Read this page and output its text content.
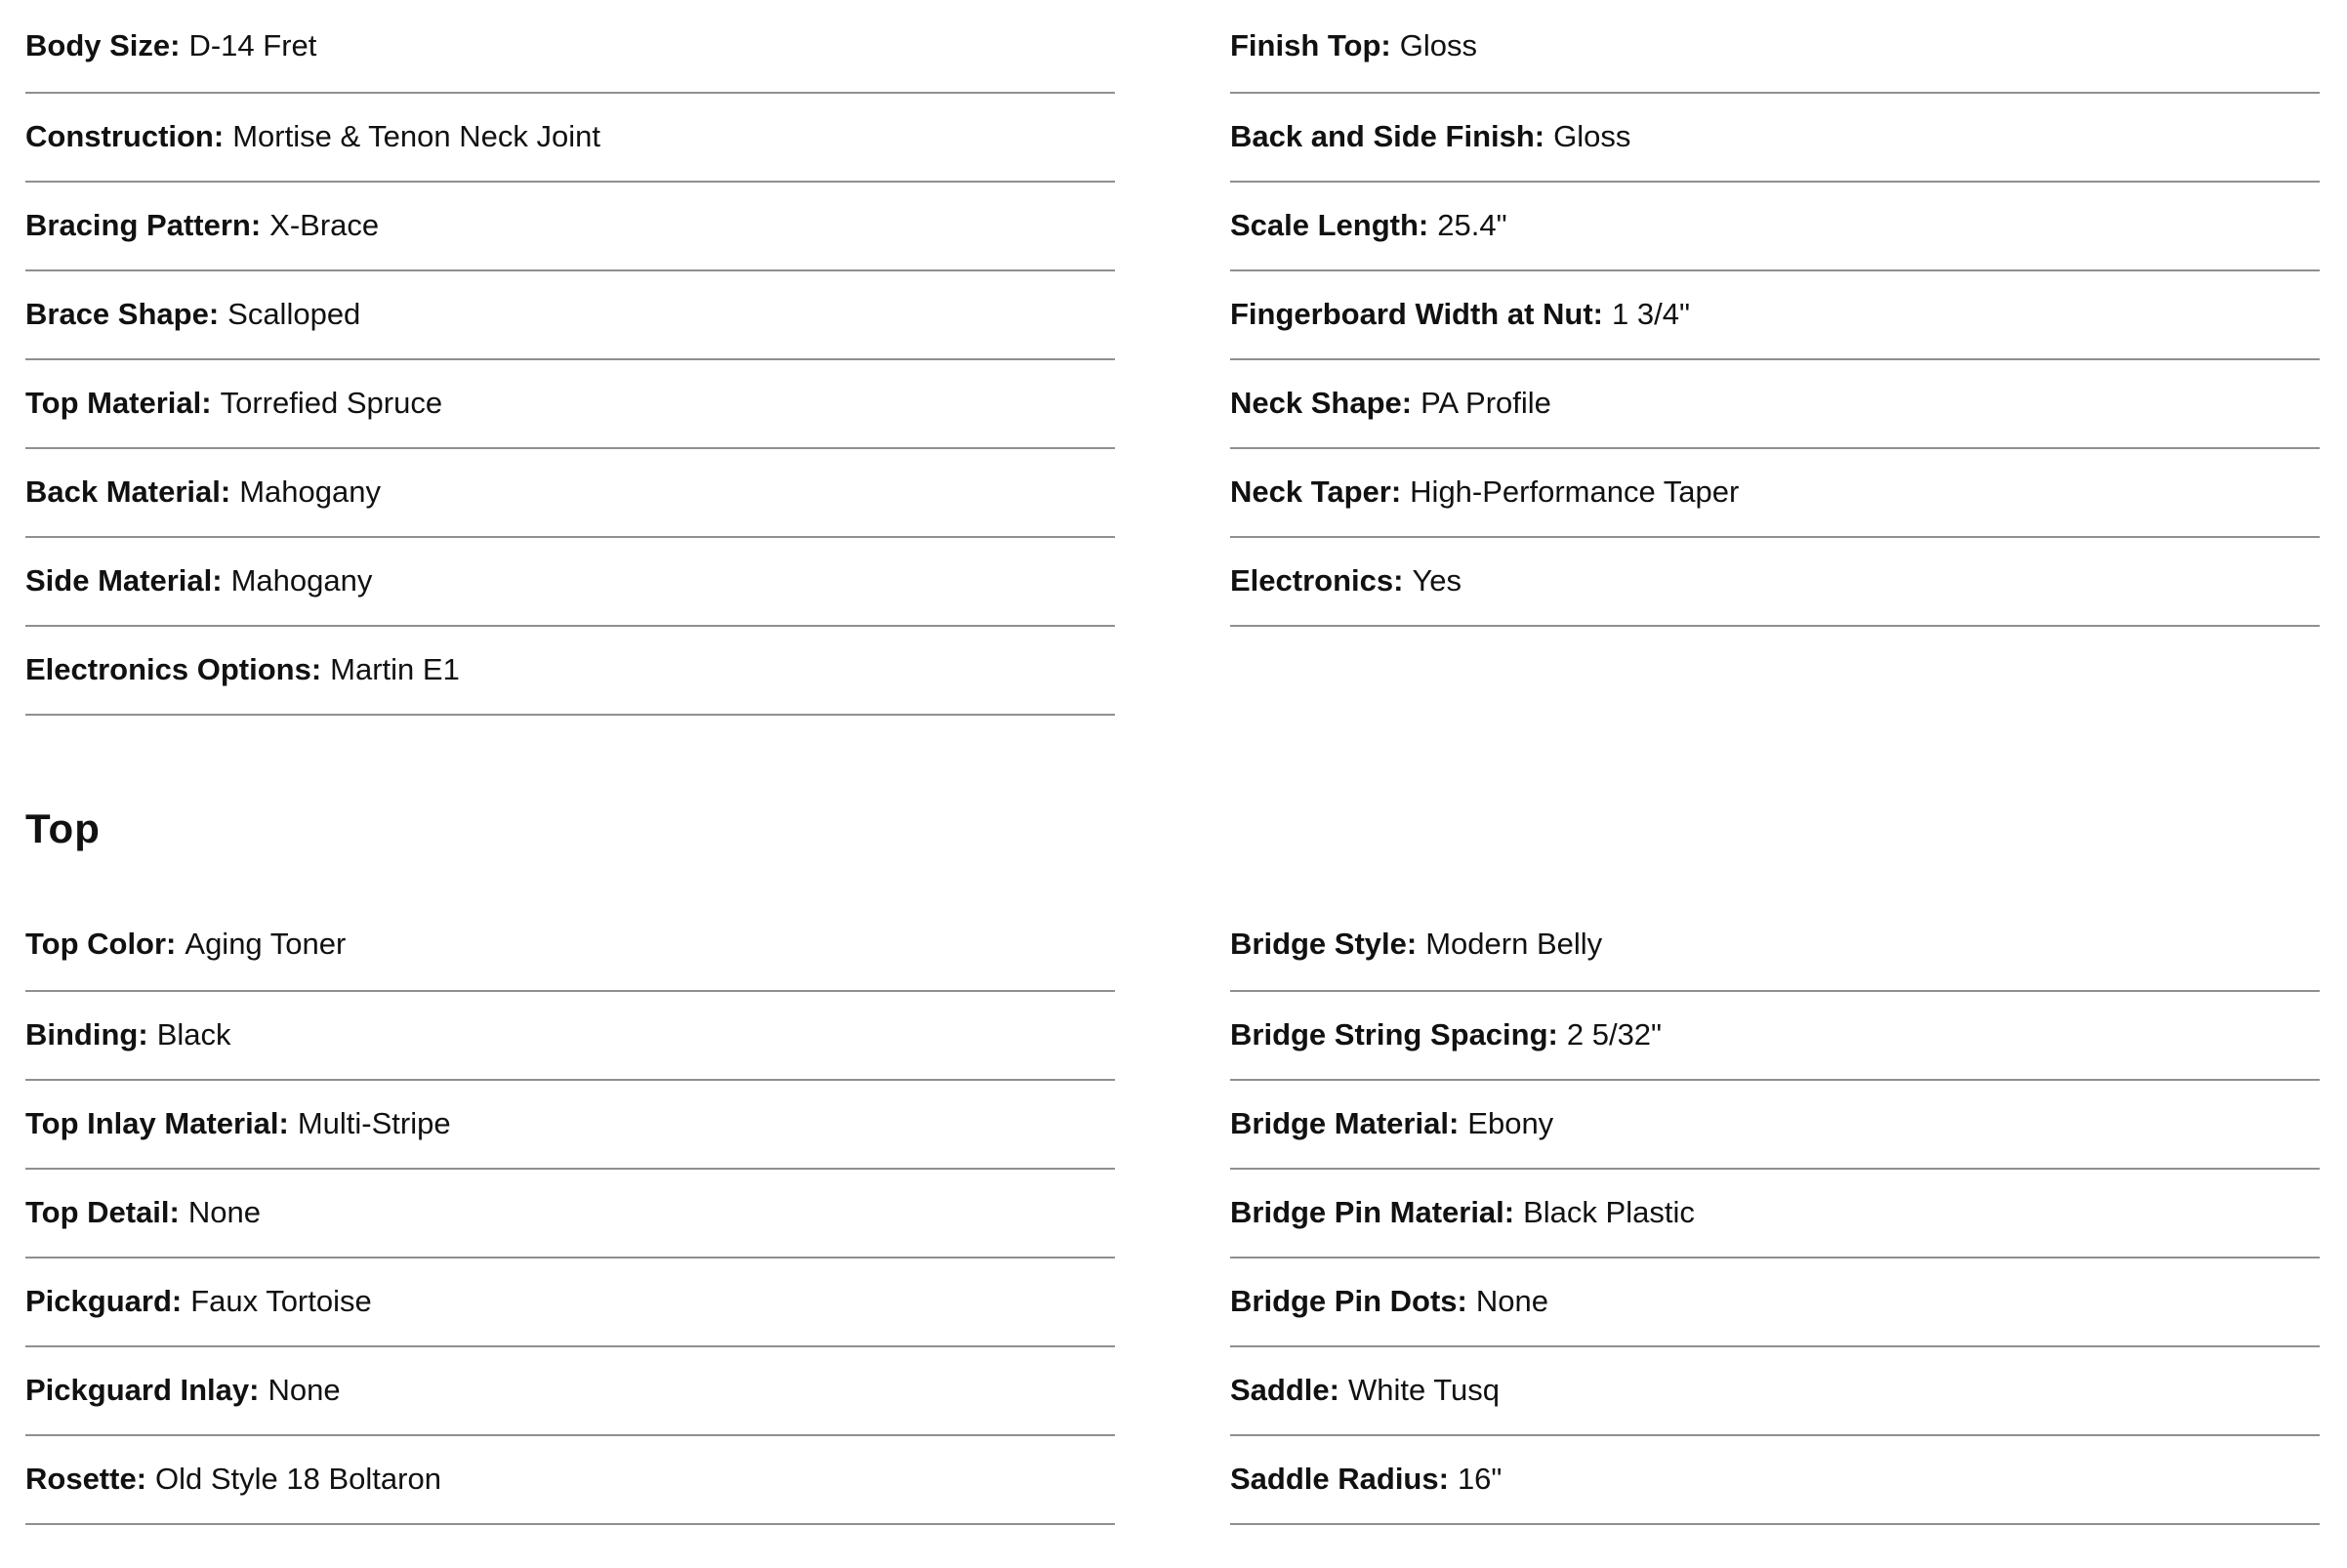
Body Size: D-14 Fret
Construction: Mortise & Tenon Neck Joint
Bracing Pattern: X-Brace
Brace Shape: Scalloped
Top Material: Torrefied Spruce
Back Material: Mahogany
Side Material: Mahogany
Electronics Options: Martin E1
Finish Top: Gloss
Back and Side Finish: Gloss
Scale Length: 25.4"
Fingerboard Width at Nut: 1 3/4"
Neck Shape: PA Profile
Neck Taper: High-Performance Taper
Electronics: Yes
Top
Top Color: Aging Toner
Binding: Black
Top Inlay Material: Multi-Stripe
Top Detail: None
Pickguard: Faux Tortoise
Pickguard Inlay: None
Rosette: Old Style 18 Boltaron
Bridge Style: Modern Belly
Bridge String Spacing: 2 5/32"
Bridge Material: Ebony
Bridge Pin Material: Black Plastic
Bridge Pin Dots: None
Saddle: White Tusq
Saddle Radius: 16"
